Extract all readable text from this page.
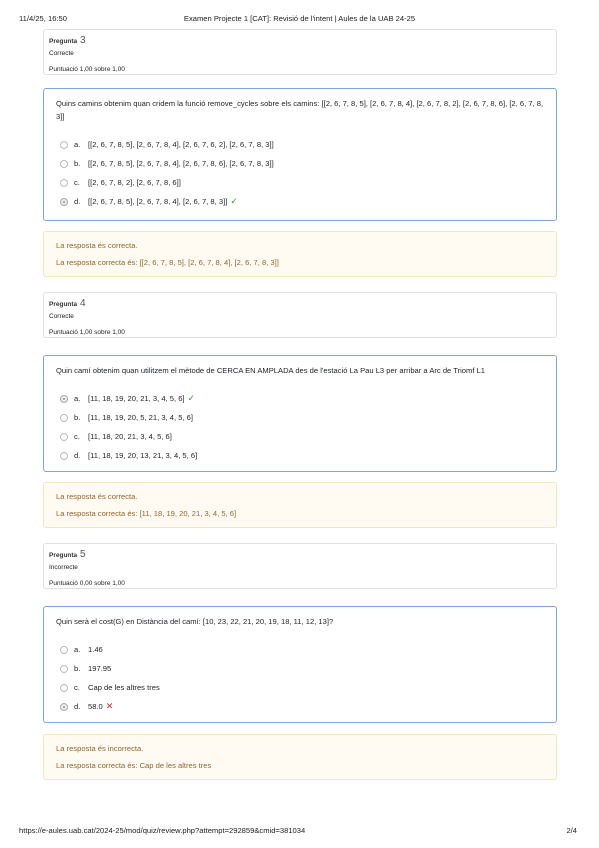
11/4/25, 16:50	Examen Projecte 1 [CAT]: Revisió de l'intent | Aules de la UAB 24-25
Pregunta 3
Correcte
Puntuació 1,00 sobre 1,00
Quins camins obtenim quan cridem la funció remove_cycles sobre els camins: [[2, 6, 7, 8, 5], [2, 6, 7, 8, 4], [2, 6, 7, 8, 2], [2, 6, 7, 8, 6], [2, 6, 7, 8, 3]]
a.	[[2, 6, 7, 8, 5], [2, 6, 7, 8, 4], [2, 6, 7, 6, 2], [2, 6, 7, 8, 3]]
b.	[[2, 6, 7, 8, 5], [2, 6, 7, 8, 4], [2, 6, 7, 8, 6], [2, 6, 7, 8, 3]]
c.	[[2, 6, 7, 8, 2], [2, 6, 7, 8, 6]]
d.	[[2, 6, 7, 8, 5], [2, 6, 7, 8, 4], [2, 6, 7, 8, 3]] ✓
La resposta és correcta.
La resposta correcta és: [[2, 6, 7, 8, 5], [2, 6, 7, 8, 4], [2, 6, 7, 8, 3]]
Pregunta 4
Correcte
Puntuació 1,00 sobre 1,00
Quin camí obtenim quan utilitzem el mètode de CERCA EN AMPLADA des de l'estació La Pau L3 per arribar a Arc de Triomf L1
a.	[11, 18, 19, 20, 21, 3, 4, 5, 6] ✓
b.	[11, 18, 19, 20, 5, 21, 3, 4, 5, 6]
c.	[11, 18, 20, 21, 3, 4, 5, 6]
d.	[11, 18, 19, 20, 13, 21, 3, 4, 5, 6]
La resposta és correcta.
La resposta correcta és: [11, 18, 19, 20, 21, 3, 4, 5, 6]
Pregunta 5
Incorrecte
Puntuació 0,00 sobre 1,00
Quin serà el cost(G) en Distància del camí: [10, 23, 22, 21, 20, 19, 18, 11, 12, 13]?
a.	1.46
b.	197.95
c.	Cap de les altres tres
d.	58.0 ✕
La resposta és incorrecta.
La resposta correcta és: Cap de les altres tres
https://e-aules.uab.cat/2024-25/mod/quiz/review.php?attempt=292859&cmid=381034	2/4
